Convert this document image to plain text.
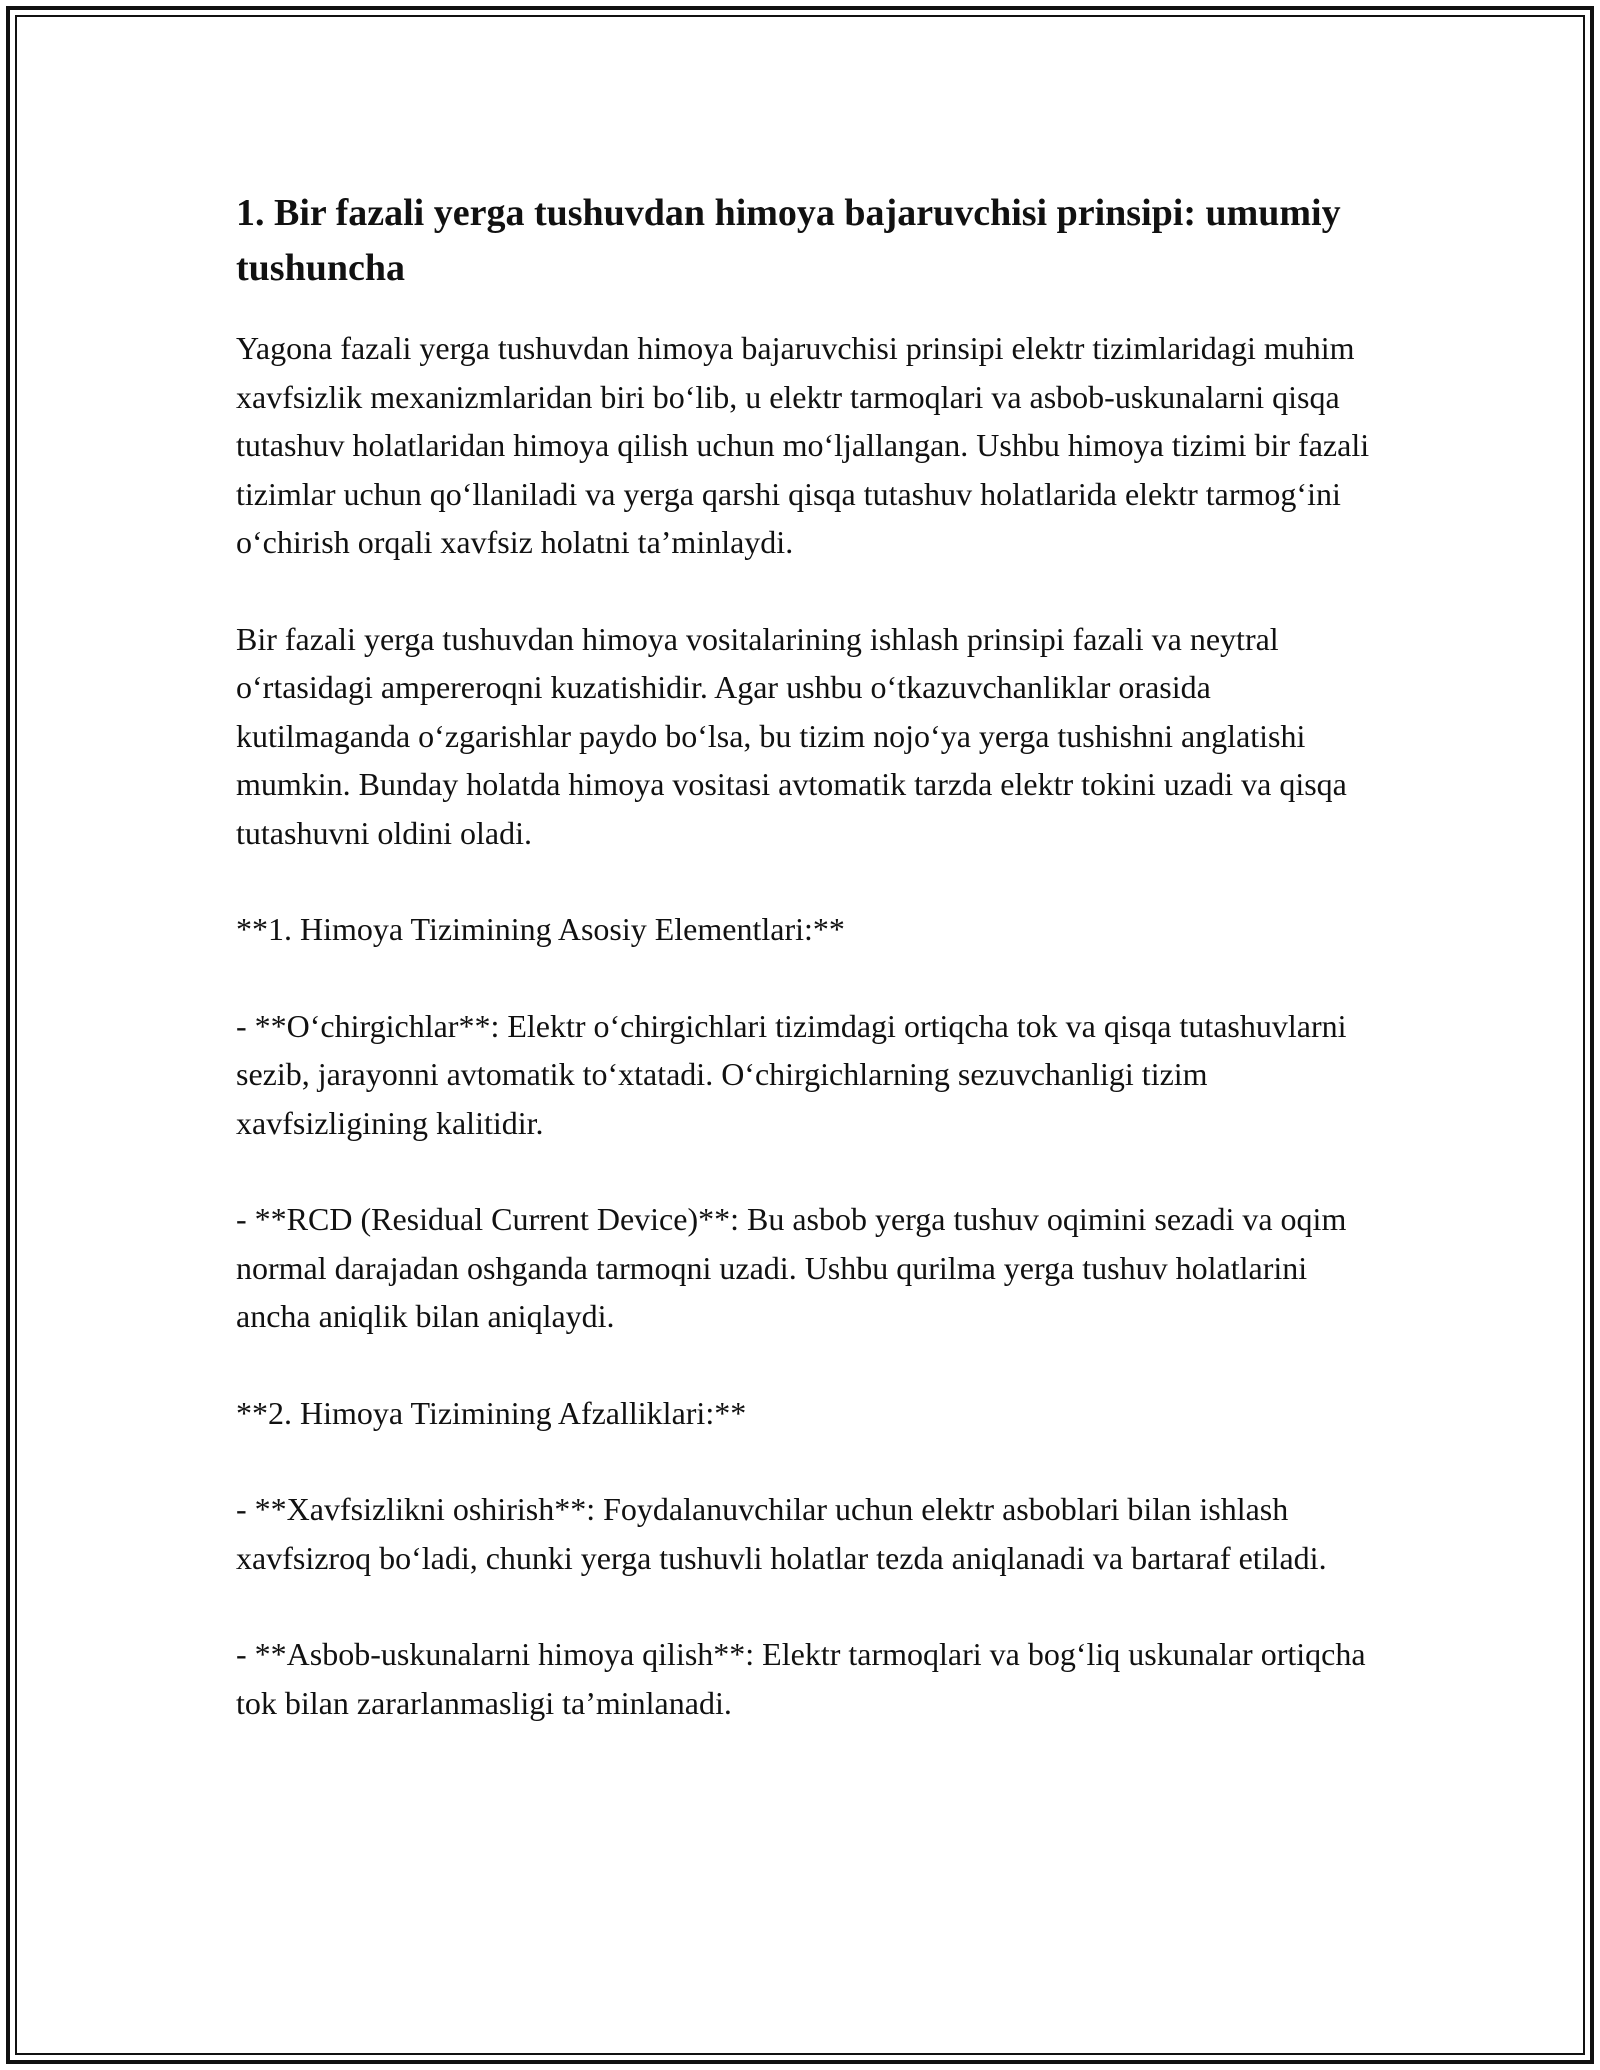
1. Bir fazali yerga tushuvdan himoya bajaruvchisi prinsipi: umumiy tushuncha

Yagona fazali yerga tushuvdan himoya bajaruvchisi prinsipi elektr tizimlaridagi muhim xavfsizlik mexanizmlaridan biri boʻlib, u elektr tarmoqlari va asbob-uskunalarni qisqa tutashuv holatlaridan himoya qilish uchun moʻljallangan. Ushbu himoya tizimi bir fazali tizimlar uchun qoʻllaniladi va yerga qarshi qisqa tutashuv holatlarida elektr tarmogʻini oʻchirish orqali xavfsiz holatni taʼminlaydi.

Bir fazali yerga tushuvdan himoya vositalarining ishlash prinsipi fazali va neytral oʻrtasidagi ampereroqni kuzatishidir. Agar ushbu oʻtkazuvchanliklar orasida kutilmaganda oʻzgarishlar paydo boʻlsa, bu tizim nojoʻya yerga tushishni anglatishi mumkin. Bunday holatda himoya vositasi avtomatik tarzda elektr tokini uzadi va qisqa tutashuvni oldini oladi.

**1. Himoya Tizimining Asosiy Elementlari:**

- **Oʻchirgichlar**: Elektr oʻchirgichlari tizimdagi ortiqcha tok va qisqa tutashuvlarni sezib, jarayonni avtomatik toʻxtatadi. Oʻchirgichlarning sezuvchanligi tizim xavfsizligining kalitidir.

- **RCD (Residual Current Device)**: Bu asbob yerga tushuv oqimini sezadi va oqim normal darajadan oshganda tarmoqni uzadi. Ushbu qurilma yerga tushuv holatlarini ancha aniqlik bilan aniqlaydi.

**2. Himoya Tizimining Afzalliklari:**

- **Xavfsizlikni oshirish**: Foydalanuvchilar uchun elektr asboblari bilan ishlash xavfsizroq boʻladi, chunki yerga tushuvli holatlar tezda aniqlanadi va bartaraf etiladi.

- **Asbob-uskunalarni himoya qilish**: Elektr tarmoqlari va bogʻliq uskunalar ortiqcha tok bilan zararlanmasligi taʼminlanadi.
